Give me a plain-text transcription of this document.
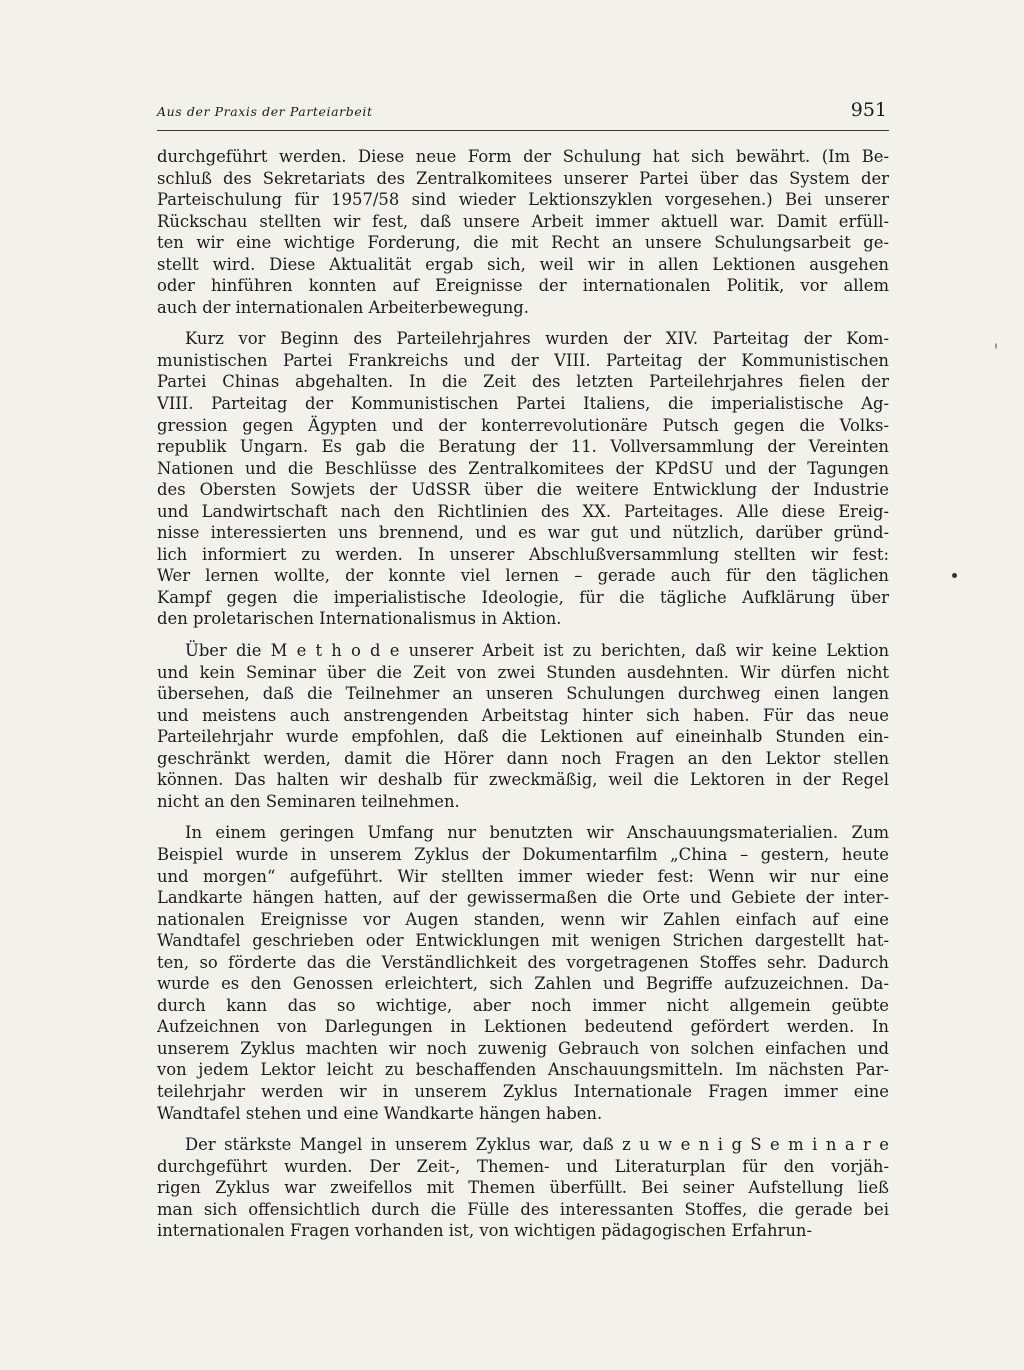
Aus der Praxis der Parteiarbeit	951
durchgeführt werden. Diese neue Form der Schulung hat sich bewährt. (Im Be-
schluß des Sekretariats des Zentralkomitees unserer Partei über das System der
Parteischulung für 1957/58 sind wieder Lektionszyklen vorgesehen.) Bei unserer
Rückschau stellten wir fest, daß unsere Arbeit immer aktuell war. Damit erfüll-
ten wir eine wichtige Forderung, die mit Recht an unsere Schulungsarbeit ge-
stellt wird. Diese Aktualität ergab sich, weil wir in allen Lektionen ausgehen
oder hinführen konnten auf Ereignisse der internationalen Politik, vor allem
auch der internationalen Arbeiterbewegung.
Kurz vor Beginn des Parteilehrjahres wurden der XIV. Parteitag der Kom-
munistischen Partei Frankreichs und der VIII. Parteitag der Kommunistischen
Partei Chinas abgehalten. In die Zeit des letzten Parteilehrjahres fielen der
VIII. Parteitag der Kommunistischen Partei Italiens, die imperialistische Ag-
gression gegen Ägypten und der konterrevolutionäre Putsch gegen die Volks-
republik Ungarn. Es gab die Beratung der 11. Vollversammlung der Vereinten
Nationen und die Beschlüsse des Zentralkomitees der KPdSU und der Tagungen
des Obersten Sowjets der UdSSR über die weitere Entwicklung der Industrie
und Landwirtschaft nach den Richtlinien des XX. Parteitages. Alle diese Ereig-
nisse interessierten uns brennend, und es war gut und nützlich, darüber gründ-
lich informiert zu werden. In unserer Abschlußversammlung stellten wir fest:
Wer lernen wollte, der konnte viel lernen – gerade auch für den täglichen
Kampf gegen die imperialistische Ideologie, für die tägliche Aufklärung über
den proletarischen Internationalismus in Aktion.
Über die M e t h o d e unserer Arbeit ist zu berichten, daß wir keine Lektion
und kein Seminar über die Zeit von zwei Stunden ausdehnten. Wir dürfen nicht
übersehen, daß die Teilnehmer an unseren Schulungen durchweg einen langen
und meistens auch anstrengenden Arbeitstag hinter sich haben. Für das neue
Parteilehrjahr wurde empfohlen, daß die Lektionen auf eineinhalb Stunden ein-
geschränkt werden, damit die Hörer dann noch Fragen an den Lektor stellen
können. Das halten wir deshalb für zweckmäßig, weil die Lektoren in der Regel
nicht an den Seminaren teilnehmen.
In einem geringen Umfang nur benutzten wir Anschauungsmaterialien. Zum
Beispiel wurde in unserem Zyklus der Dokumentarfilm „China – gestern, heute
und morgen“ aufgeführt. Wir stellten immer wieder fest: Wenn wir nur eine
Landkarte hängen hatten, auf der gewissermaßen die Orte und Gebiete der inter-
nationalen Ereignisse vor Augen standen, wenn wir Zahlen einfach auf eine
Wandtafel geschrieben oder Entwicklungen mit wenigen Strichen dargestellt hat-
ten, so förderte das die Verständlichkeit des vorgetragenen Stoffes sehr. Dadurch
wurde es den Genossen erleichtert, sich Zahlen und Begriffe aufzuzeichnen. Da-
durch kann das so wichtige, aber noch immer nicht allgemein geübte
Aufzeichnen von Darlegungen in Lektionen bedeutend gefördert werden. In
unserem Zyklus machten wir noch zuwenig Gebrauch von solchen einfachen und
von jedem Lektor leicht zu beschaffenden Anschauungsmitteln. Im nächsten Par-
teilehrjahr werden wir in unserem Zyklus Internationale Fragen immer eine
Wandtafel stehen und eine Wandkarte hängen haben.
Der stärkste Mangel in unserem Zyklus war, daß z u w e n i g S e m i n a r e
durchgeführt wurden. Der Zeit-, Themen- und Literaturplan für den vorjäh-
rigen Zyklus war zweifellos mit Themen überfüllt. Bei seiner Aufstellung ließ
man sich offensichtlich durch die Fülle des interessanten Stoffes, die gerade bei
internationalen Fragen vorhanden ist, von wichtigen pädagogischen Erfahrun-
